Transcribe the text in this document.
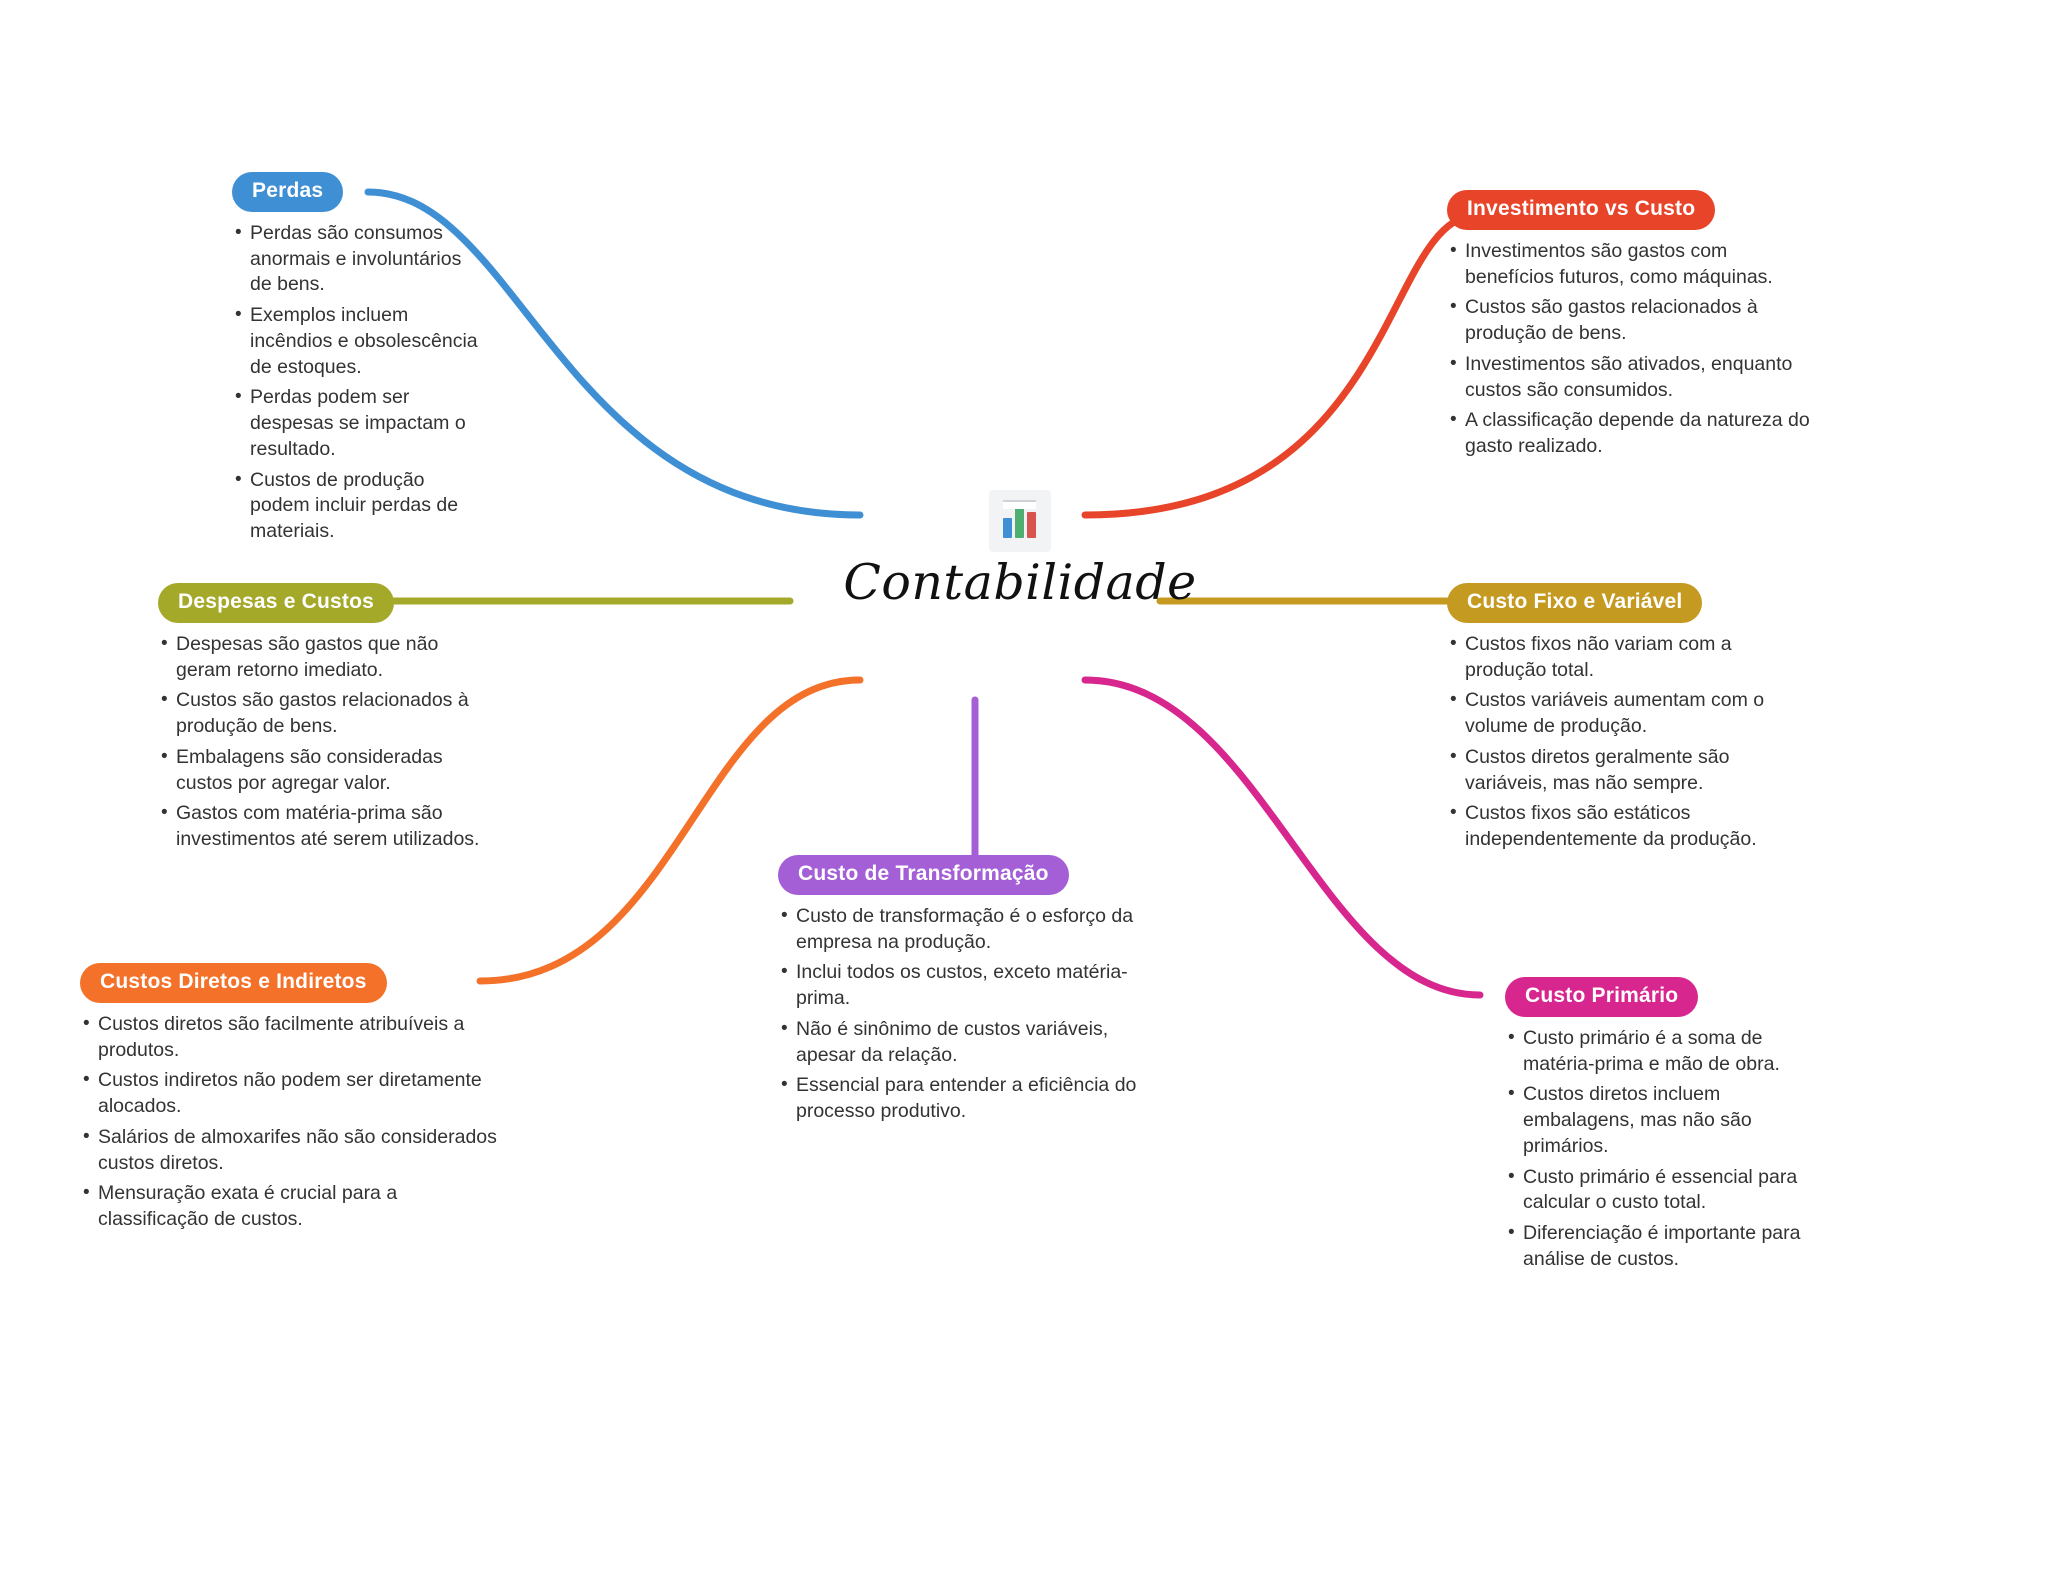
Contabilidade
Perdas
• Perdas são consumos anormais e involuntários de bens.
• Exemplos incluem incêndios e obsolescência de estoques.
• Perdas podem ser despesas se impactam o resultado.
• Custos de produção podem incluir perdas de materiais.
Investimento vs Custo
• Investimentos são gastos com benefícios futuros, como máquinas.
• Custos são gastos relacionados à produção de bens.
• Investimentos são ativados, enquanto custos são consumidos.
• A classificação depende da natureza do gasto realizado.
Despesas e Custos
• Despesas são gastos que não geram retorno imediato.
• Custos são gastos relacionados à produção de bens.
• Embalagens são consideradas custos por agregar valor.
• Gastos com matéria-prima são investimentos até serem utilizados.
Custo Fixo e Variável
• Custos fixos não variam com a produção total.
• Custos variáveis aumentam com o volume de produção.
• Custos diretos geralmente são variáveis, mas não sempre.
• Custos fixos são estáticos independentemente da produção.
Custos Diretos e Indiretos
• Custos diretos são facilmente atribuíveis a produtos.
• Custos indiretos não podem ser diretamente alocados.
• Salários de almoxarifes não são considerados custos diretos.
• Mensuração exata é crucial para a classificação de custos.
Custo de Transformação
• Custo de transformação é o esforço da empresa na produção.
• Inclui todos os custos, exceto matéria-prima.
• Não é sinônimo de custos variáveis, apesar da relação.
• Essencial para entender a eficiência do processo produtivo.
Custo Primário
• Custo primário é a soma de matéria-prima e mão de obra.
• Custos diretos incluem embalagens, mas não são primários.
• Custo primário é essencial para calcular o custo total.
• Diferenciação é importante para análise de custos.
